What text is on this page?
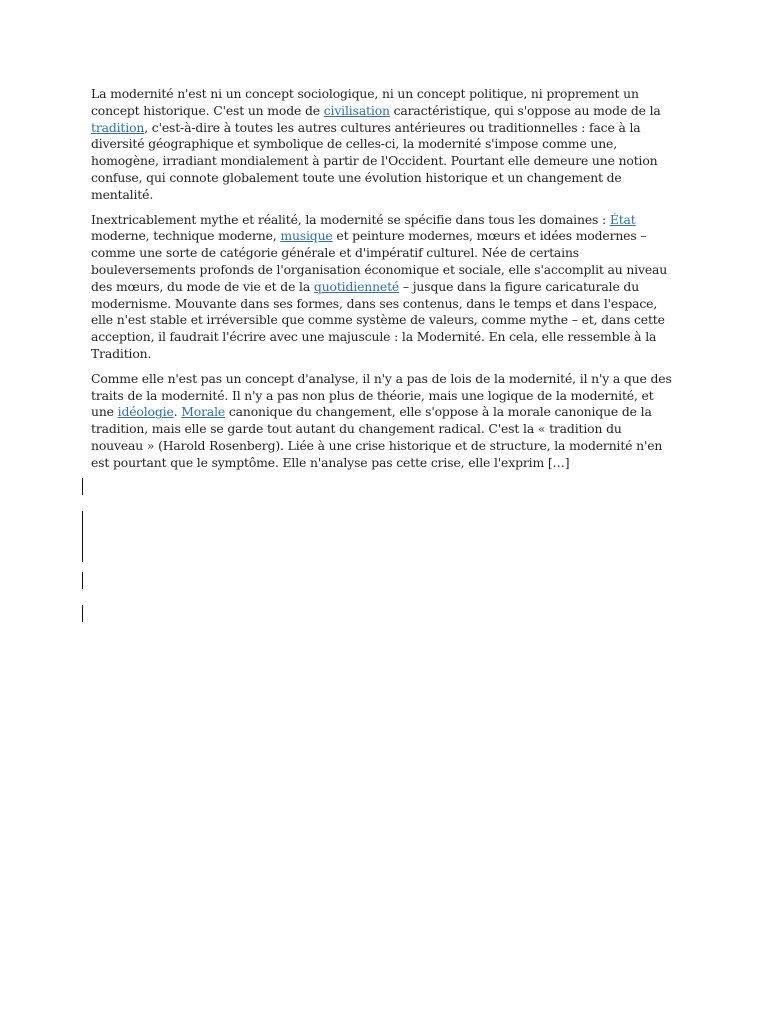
La modernité n'est ni un concept sociologique, ni un concept politique, ni proprement un concept historique. C'est un mode de civilisation caractéristique, qui s'oppose au mode de la tradition, c'est-à-dire à toutes les autres cultures antérieures ou traditionnelles : face à la diversité géographique et symbolique de celles-ci, la modernité s'impose comme une, homogène, irradiant mondialement à partir de l'Occident. Pourtant elle demeure une notion confuse, qui connote globalement toute une évolution historique et un changement de mentalité.

Inextricablement mythe et réalité, la modernité se spécifie dans tous les domaines : État moderne, technique moderne, musique et peinture modernes, mœurs et idées modernes – comme une sorte de catégorie générale et d'impératif culturel. Née de certains bouleversements profonds de l'organisation économique et sociale, elle s'accomplit au niveau des mœurs, du mode de vie et de la quotidienneté – jusque dans la figure caricaturale du modernisme. Mouvante dans ses formes, dans ses contenus, dans le temps et dans l'espace, elle n'est stable et irréversible que comme système de valeurs, comme mythe – et, dans cette acception, il faudrait l'écrire avec une majuscule : la Modernité. En cela, elle ressemble à la Tradition.

Comme elle n'est pas un concept d'analyse, il n'y a pas de lois de la modernité, il n'y a que des traits de la modernité. Il n'y a pas non plus de théorie, mais une logique de la modernité, et une idéologie. Morale canonique du changement, elle s'oppose à la morale canonique de la tradition, mais elle se garde tout autant du changement radical. C'est la « tradition du nouveau » (Harold Rosenberg). Liée à une crise historique et de structure, la modernité n'en est pourtant que le symptôme. Elle n'analyse pas cette crise, elle l'exprim […]
